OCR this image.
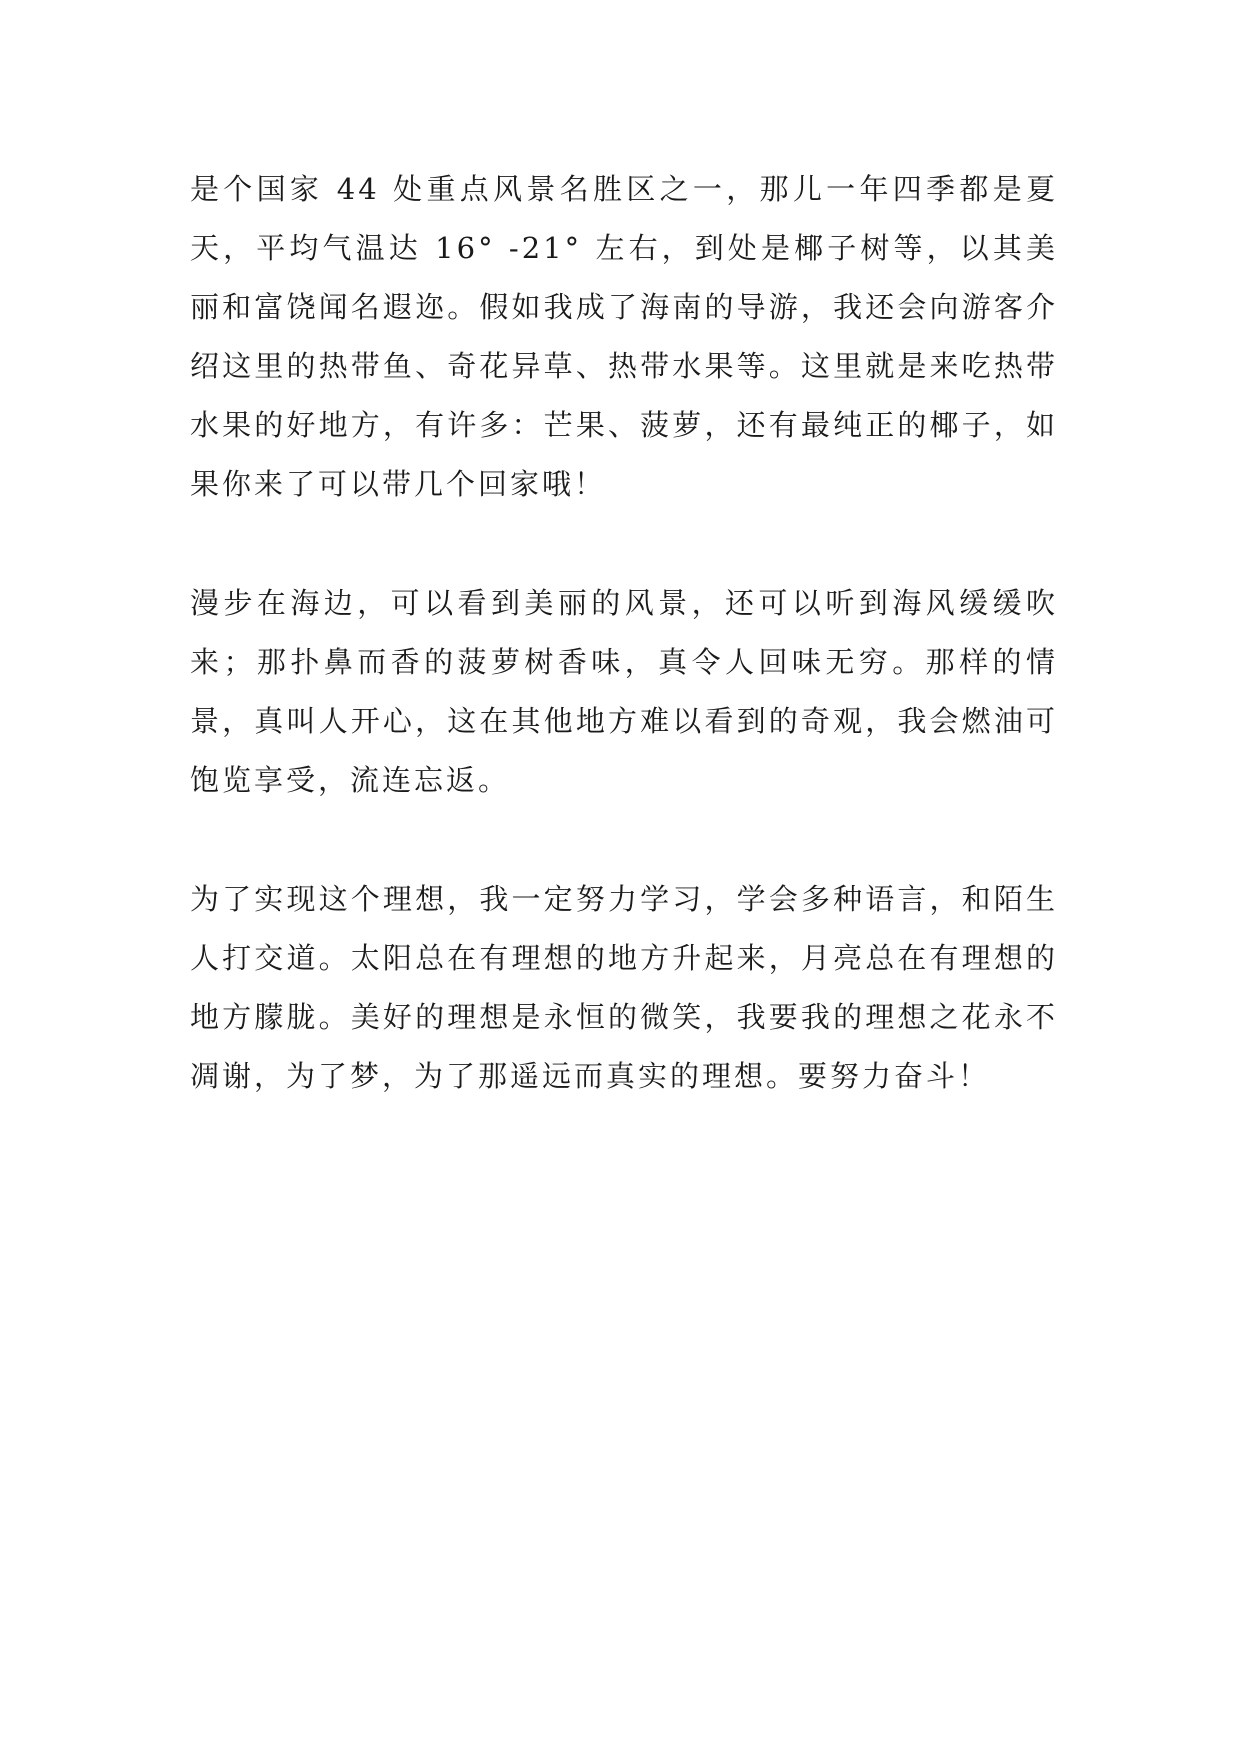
是个国家 44 处重点风景名胜区之一，那儿一年四季都是夏天，平均气温达 16° -21° 左右，到处是椰子树等，以其美丽和富饶闻名遐迩。假如我成了海南的导游，我还会向游客介绍这里的热带鱼、奇花异草、热带水果等。这里就是来吃热带水果的好地方，有许多：芒果、菠萝，还有最纯正的椰子，如果你来了可以带几个回家哦！

漫步在海边，可以看到美丽的风景，还可以听到海风缓缓吹来；那扑鼻而香的菠萝树香味，真令人回味无穷。那样的情景，真叫人开心，这在其他地方难以看到的奇观，我会燃油可饱览享受，流连忘返。

为了实现这个理想，我一定努力学习，学会多种语言，和陌生人打交道。太阳总在有理想的地方升起来，月亮总在有理想的地方朦胧。美好的理想是永恒的微笑，我要我的理想之花永不凋谢，为了梦，为了那遥远而真实的理想。要努力奋斗！
